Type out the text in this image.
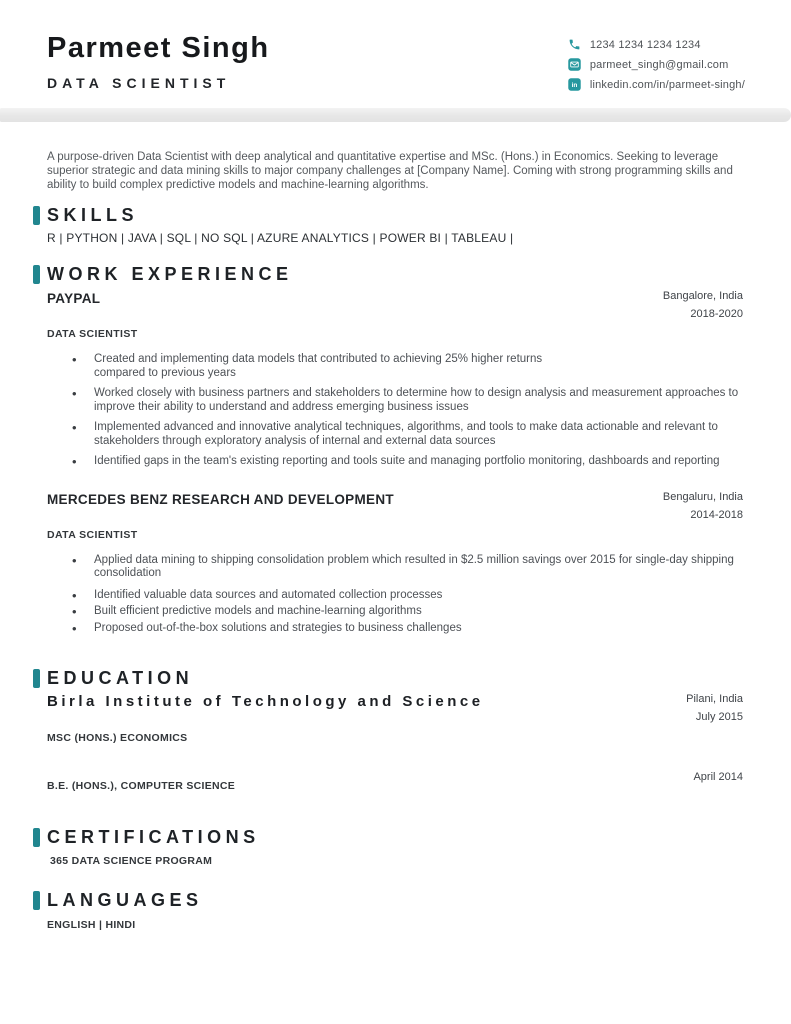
Parmeet Singh
DATA SCIENTIST
1234 1234 1234 1234
parmeet_singh@gmail.com
in linkedin.com/in/parmeet-singh/

A purpose-driven Data Scientist with deep analytical and quantitative expertise and MSc. (Hons.) in Economics. Seeking to leverage superior strategic and data mining skills to major company challenges at [Company Name]. Coming with strong programming skills and ability to build complex predictive models and machine-learning algorithms.

SKILLS
R | PYTHON | JAVA | SQL | NO SQL | AZURE ANALYTICS | POWER BI | TABLEAU |
WORK EXPERIENCE
PAYPAL	Bangalore, India
2018-2020
DATA SCIENTIST
• Created and implementing data models that contributed to achieving 25% higher returns compared to previous years
• Worked closely with business partners and stakeholders to determine how to design analysis and measurement approaches to improve their ability to understand and address emerging business issues
• Implemented advanced and innovative analytical techniques, algorithms, and tools to make data actionable and relevant to stakeholders through exploratory analysis of internal and external data sources
• Identified gaps in the team's existing reporting and tools suite and managing portfolio monitoring, dashboards and reporting
MERCEDES BENZ RESEARCH AND DEVELOPMENT	Bengaluru, India
2014-2018
DATA SCIENTIST
• Applied data mining to shipping consolidation problem which resulted in $2.5 million savings over 2015 for single-day shipping consolidation
• Identified valuable data sources and automated collection processes
• Built efficient predictive models and machine-learning algorithms
• Proposed out-of-the-box solutions and strategies to business challenges
EDUCATION
Birla Institute of Technology and Science	Pilani, India
July 2015
MSC (HONS.) ECONOMICS
B.E. (HONS.), COMPUTER SCIENCE
April 2014
CERTIFICATIONS
365 DATA SCIENCE PROGRAM
LANGUAGES
ENGLISH | HINDI
